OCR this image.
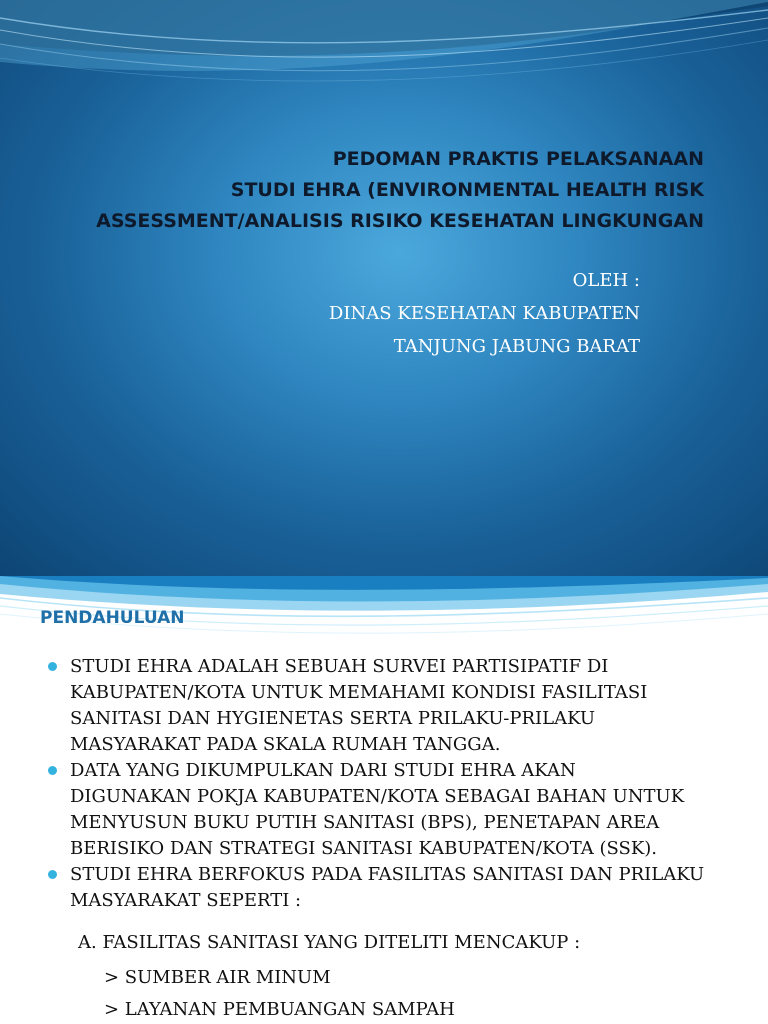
PEDOMAN PRAKTIS PELAKSANAAN
STUDI EHRA (ENVIRONMENTAL HEALTH RISK
ASSESSMENT/ANALISIS RISIKO KESEHATAN LINGKUNGAN
OLEH :
DINAS KESEHATAN KABUPATEN
TANJUNG JABUNG BARAT
PENDAHULUAN
STUDI EHRA ADALAH SEBUAH SURVEI PARTISIPATIF DI
KABUPATEN/KOTA UNTUK MEMAHAMI KONDISI FASILITASI
SANITASI DAN HYGIENETAS SERTA PRILAKU-PRILAKU
MASYARAKAT PADA SKALA RUMAH TANGGA.
DATA YANG DIKUMPULKAN DARI STUDI EHRA AKAN
DIGUNAKAN POKJA KABUPATEN/KOTA SEBAGAI BAHAN UNTUK
MENYUSUN BUKU PUTIH SANITASI (BPS), PENETAPAN AREA
BERISIKO DAN STRATEGI SANITASI KABUPATEN/KOTA (SSK).
STUDI EHRA BERFOKUS PADA FASILITAS SANITASI DAN PRILAKU
MASYARAKAT SEPERTI :
A. FASILITAS SANITASI YANG DITELITI MENCAKUP :
> SUMBER AIR MINUM
> LAYANAN PEMBUANGAN SAMPAH
